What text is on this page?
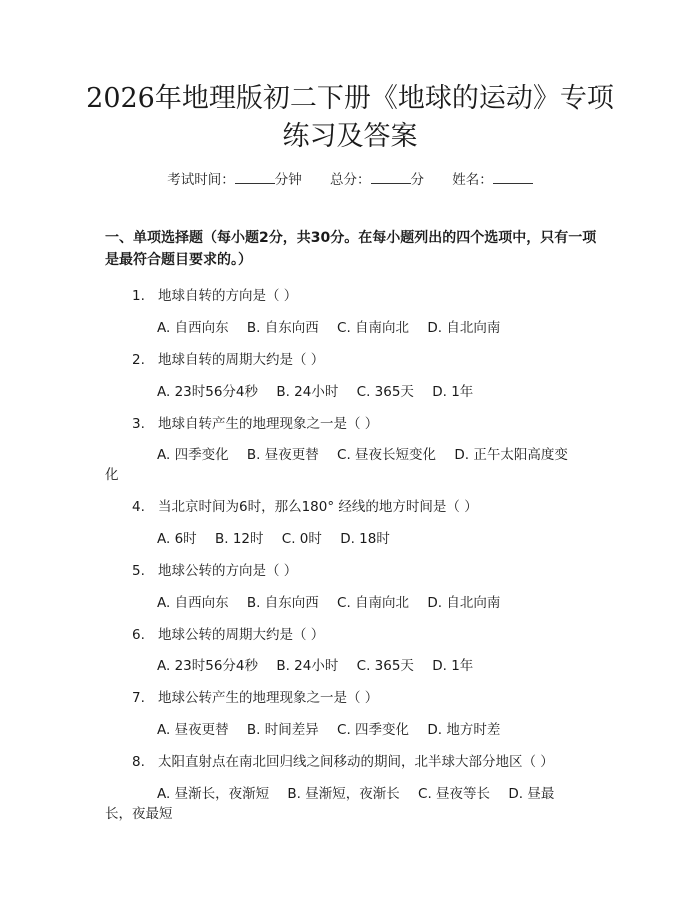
2026年地理版初二下册《地球的运动》专项
练习及答案
考试时间：	分钟 总分：	分 姓名：
一、单项选择题（每小题2分，共30分。在每小题列出的四个选项中，只有一项是最符合题目要求的。）
1. 地球自转的方向是（ ）
A. 自西向东 B. 自东向西 C. 自南向北 D. 自北向南
2. 地球自转的周期大约是（ ）
A. 23时56分4秒 B. 24小时 C. 365天 D. 1年
3. 地球自转产生的地理现象之一是（ ）
A. 四季变化 B. 昼夜更替 C. 昼夜长短变化 D. 正午太阳高度变
化
4. 当北京时间为6时，那么180° 经线的地方时间是（ ）
A. 6时 B. 12时 C. 0时 D. 18时
5. 地球公转的方向是（ ）
A. 自西向东 B. 自东向西 C. 自南向北 D. 自北向南
6. 地球公转的周期大约是（ ）
A. 23时56分4秒 B. 24小时 C. 365天 D. 1年
7. 地球公转产生的地理现象之一是（ ）
A. 昼夜更替 B. 时间差异 C. 四季变化 D. 地方时差
8. 太阳直射点在南北回归线之间移动的期间，北半球大部分地区（ ）
A. 昼渐长，夜渐短 B. 昼渐短，夜渐长 C. 昼夜等长 D. 昼最
长，夜最短
